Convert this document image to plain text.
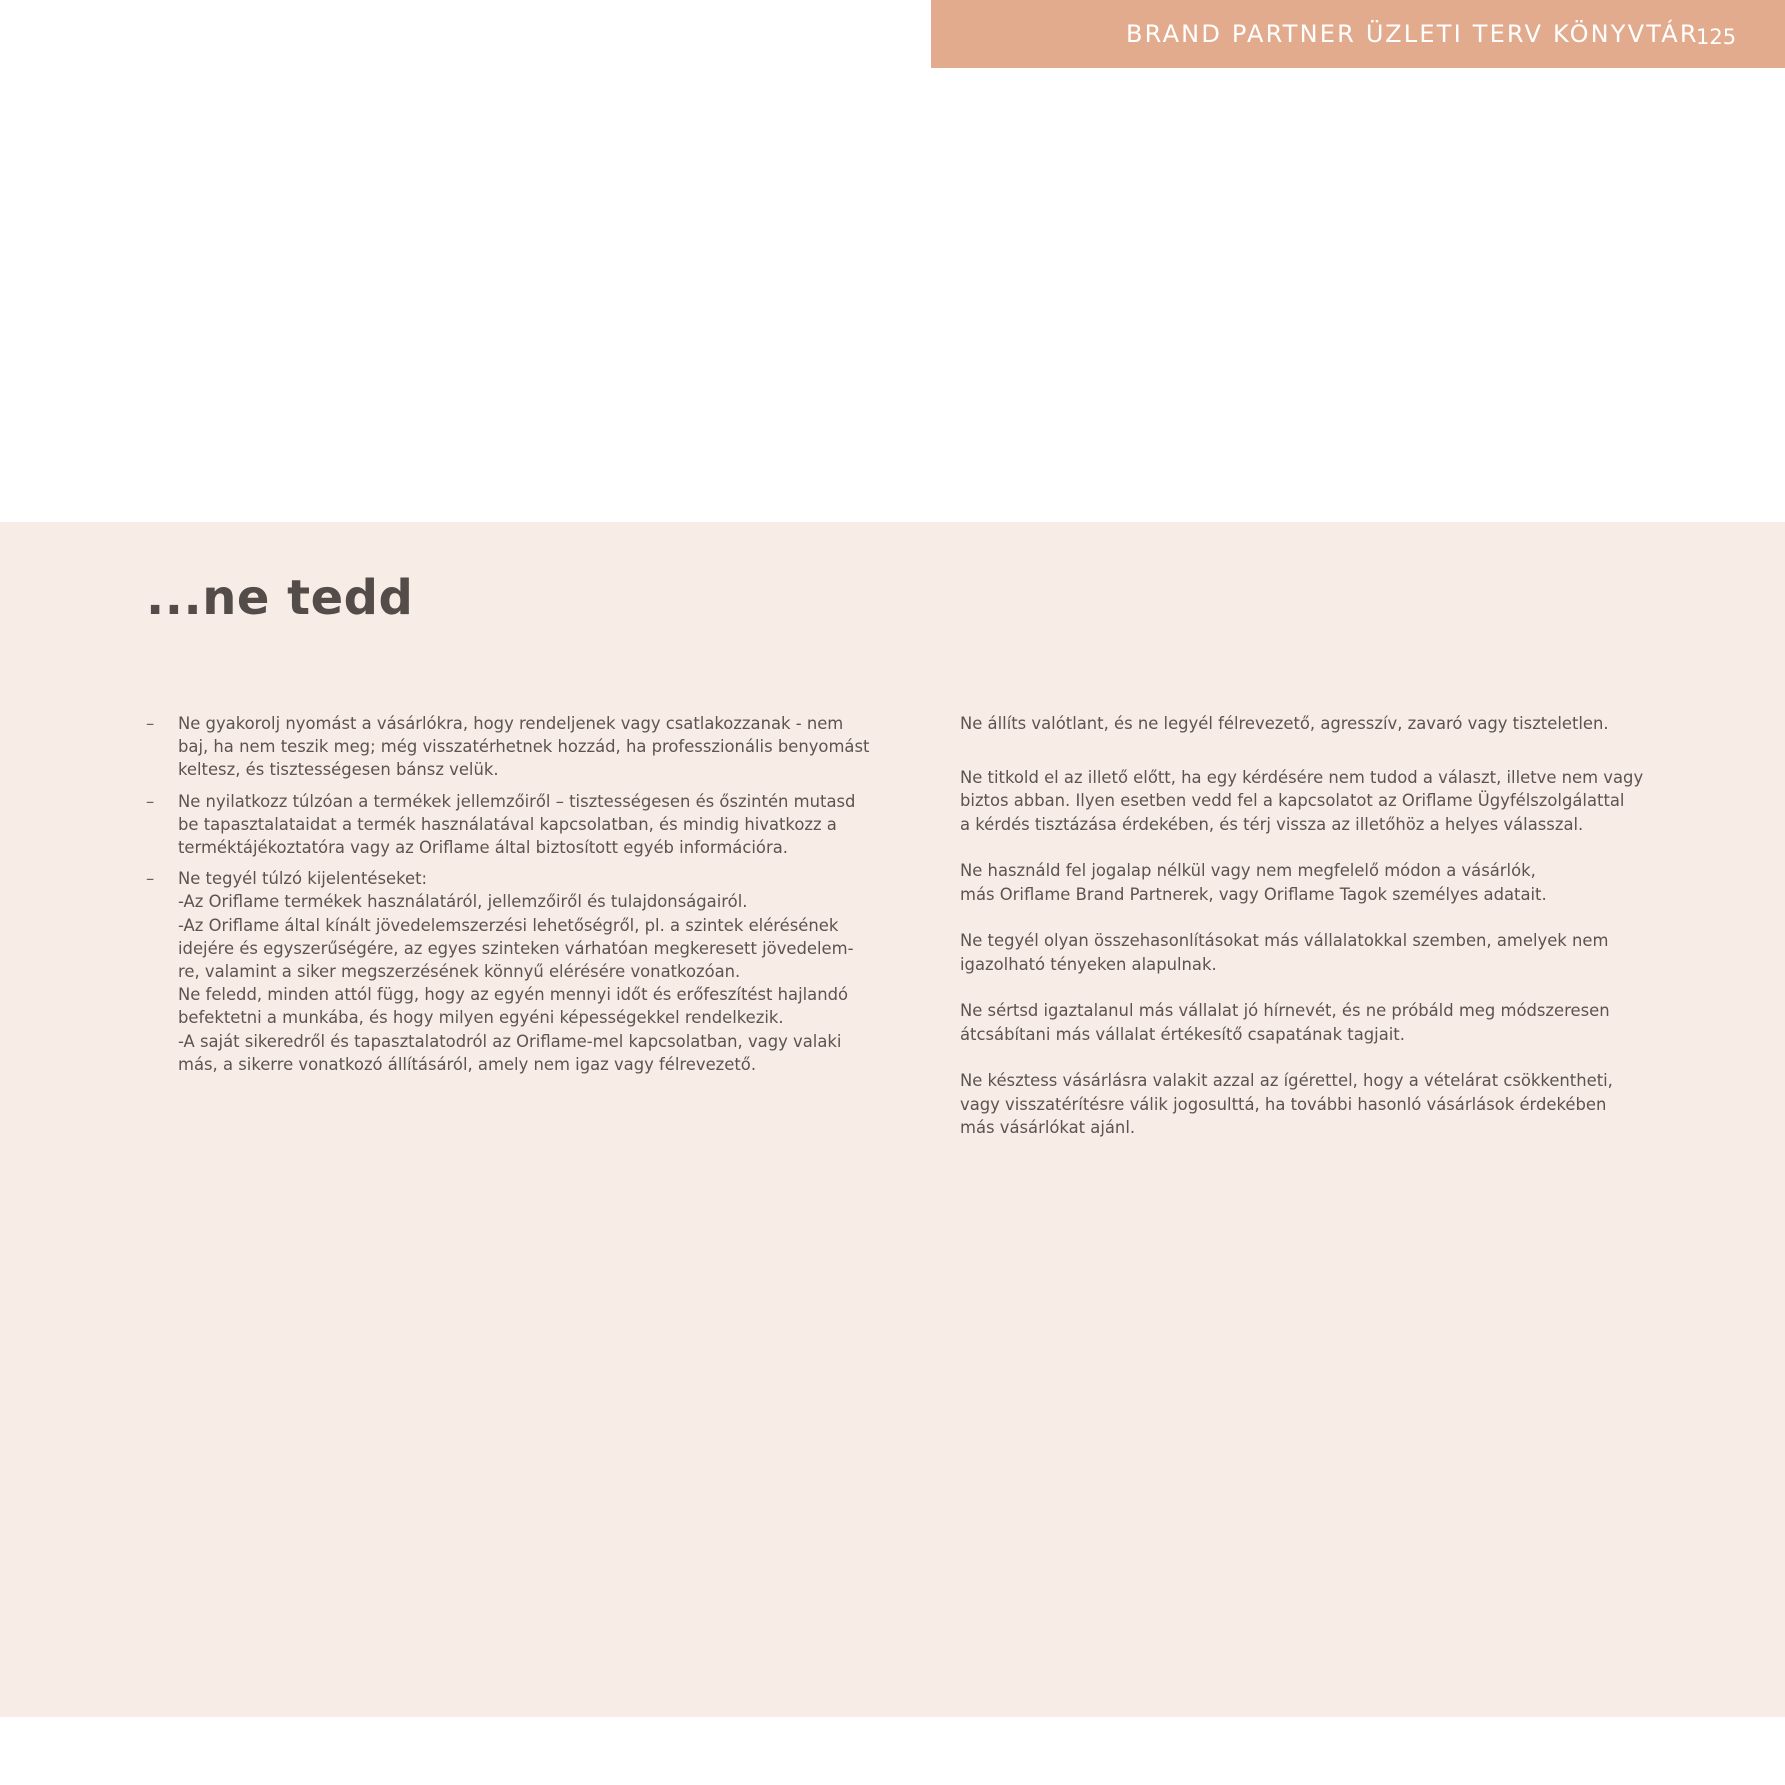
BRAND PARTNER ÜZLETI TERV KÖNYVTÁR
125
...ne tedd
–	Ne gyakorolj nyomást a vásárlókra, hogy rendeljenek vagy csatlakozzanak - nem
baj, ha nem teszik meg; még visszatérhetnek hozzád, ha professzionális benyomást
keltesz, és tisztességesen bánsz velük.
–	Ne nyilatkozz túlzóan a termékek jellemzőiről – tisztességesen és őszintén mutasd
be tapasztalataidat a termék használatával kapcsolatban, és mindig hivatkozz a
terméktájékoztatóra vagy az Oriflame által biztosított egyéb információra.
–	Ne tegyél túlzó kijelentéseket:
-Az Oriflame termékek használatáról, jellemzőiről és tulajdonságairól.
-Az Oriflame által kínált jövedelemszerzési lehetőségről, pl. a szintek elérésének
idejére és egyszerűségére, az egyes szinteken várhatóan megkeresett jövedelem-
re, valamint a siker megszerzésének könnyű elérésére vonatkozóan.
Ne feledd, minden attól függ, hogy az egyén mennyi időt és erőfeszítést hajlandó
befektetni a munkába, és hogy milyen egyéni képességekkel rendelkezik.
-A saját sikeredről és tapasztalatodról az Oriflame-mel kapcsolatban, vagy valaki
más, a sikerre vonatkozó állításáról, amely nem igaz vagy félrevezető.

Ne állíts valótlant, és ne legyél félrevezető, agresszív, zavaró vagy tiszteletlen.

Ne titkold el az illető előtt, ha egy kérdésére nem tudod a választ, illetve nem vagy
biztos abban. Ilyen esetben vedd fel a kapcsolatot az Oriflame Ügyfélszolgálattal
a kérdés tisztázása érdekében, és térj vissza az illetőhöz a helyes válasszal.

Ne használd fel jogalap nélkül vagy nem megfelelő módon a vásárlók,
más Oriflame Brand Partnerek, vagy Oriflame Tagok személyes adatait.

Ne tegyél olyan összehasonlításokat más vállalatokkal szemben, amelyek nem
igazolható tényeken alapulnak.

Ne sértsd igaztalanul más vállalat jó hírnevét, és ne próbáld meg módszeresen
átcsábítani más vállalat értékesítő csapatának tagjait.

Ne késztess vásárlásra valakit azzal az ígérettel, hogy a vételárat csökkentheti,
vagy visszatérítésre válik jogosulttá, ha további hasonló vásárlások érdekében
más vásárlókat ajánl.
